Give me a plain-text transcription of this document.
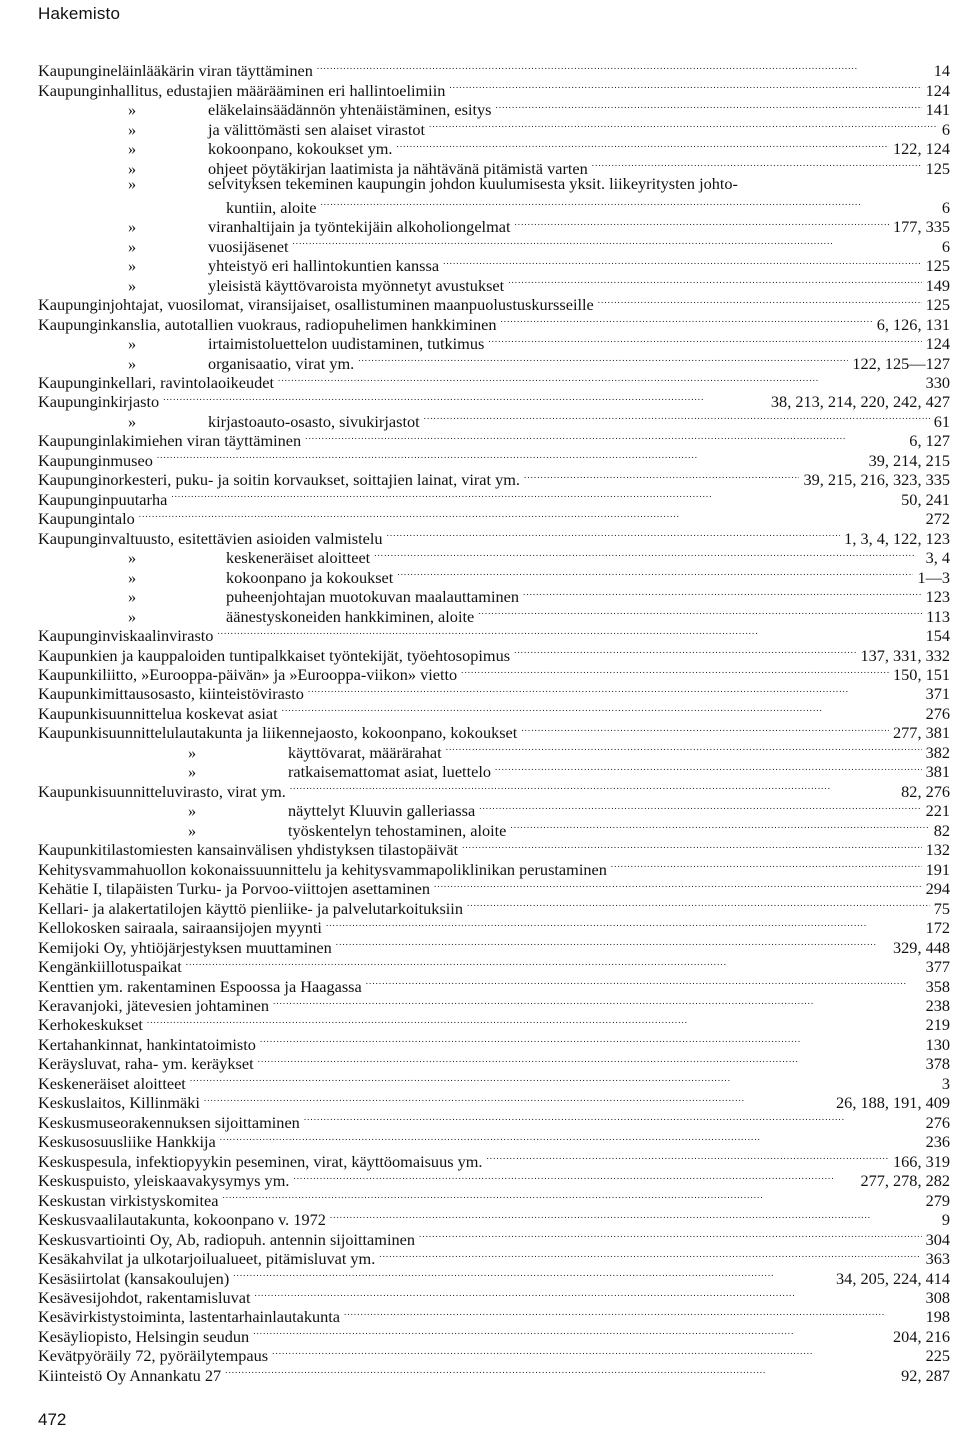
Hakemisto
Kaupungineläinlääkärin viran täyttäminen . . .	14
Kaupunginhallitus, edustajien määrääminen eri hallintoelimiin . . .	124
»	eläkelainsäädännön yhtenäistäminen, esitys . . .	141
»	ja välittömästi sen alaiset virastot . . .	6
»	kokoonpano, kokoukset ym. . . .	122, 124
»	ohjeet pöytäkirjan laatimista ja nähtävänä pitämistä varten . . .	125
»	selvityksen tekeminen kaupungin johdon kuulumisesta yksit. liikeyritysten johto-
kuntiin, aloite . . .	6
»	viranhaltijain ja työntekijäin alkoholiongelmat . . .	177, 335
»	vuosijäsenet . . .	6
»	yhteistyö eri hallintokuntien kanssa . . .	125
»	yleisistä käyttövaroista myönnetyt avustukset . . .	149
Kaupunginjohtajat, vuosilomat, viransijaiset, osallistuminen maanpuolustuskursseille . . .	125
Kaupunginkanslia, autotallien vuokraus, radiopuhelimen hankkiminen . . .	6, 126, 131
»	irtaimistoluettelon uudistaminen, tutkimus . . .	124
»	organisaatio, virat ym. . . .	122, 125—127
Kaupunginkellari, ravintolaoikeudet . . .	330
Kaupunginkirjasto . . .	38, 213, 214, 220, 242, 427
»	kirjastoauto-osasto, sivukirjastot . . .	61
Kaupunginlakimiehen viran täyttäminen . . .	6, 127
Kaupunginmuseo . . .	39, 214, 215
Kaupunginorkesteri, puku- ja soitin korvaukset, soittajien lainat, virat ym. . . .	39, 215, 216, 323, 335
Kaupunginpuutarha . . .	50, 241
Kaupungintalo . . .	272
Kaupunginvaltuusto, esitettävien asioiden valmistelu . . .	1, 3, 4, 122, 123
»	keskeneräiset aloitteet . . .	3, 4
»	kokoonpano ja kokoukset . . .	1—3
»	puheenjohtajan muotokuvan maalauttaminen . . .	123
»	äänestyskoneiden hankkiminen, aloite . . .	113
Kaupunginviskaalinvirasto . . .	154
Kaupunkien ja kauppaloiden tuntipalkkaiset työntekijät, työehtosopimus . . .	137, 331, 332
Kaupunkiliitto, »Eurooppa-päivän» ja »Eurooppa-viikon» vietto . . .	150, 151
Kaupunkimittausosasto, kiinteistövirasto . . .	371
Kaupunkisuunnittelua koskevat asiat . . .	276
Kaupunkisuunnittelulautakunta ja liikennejaosto, kokoonpano, kokoukset . . .	277, 381
»	käyttövarat, määrärahat . . .	382
»	ratkaisemattomat asiat, luettelo . . .	381
Kaupunkisuunnitteluvirasto, virat ym. . . .	82, 276
»	näyttelyt Kluuvin galleriassa . . .	221
»	työskentelyn tehostaminen, aloite . . .	82
Kaupunkitilastomiesten kansainvälisen yhdistyksen tilastopäivät . . .	132
Kehitysvammahuollon kokonaissuunnittelu ja kehitysvammapoliklinikan perustaminen . . .	191
Kehätie I, tilapäisten Turku- ja Porvoo-viittojen asettaminen . . .	294
Kellari- ja alakertatilojen käyttö pienliike- ja palvelutarkoituksiin . . .	75
Kellokosken sairaala, sairaansijojen myynti . . .	172
Kemijoki Oy, yhtiöjärjestyksen muuttaminen . . .	329, 448
Kengänkiillotuspaikat . . .	377
Kenttien ym. rakentaminen Espoossa ja Haagassa . . .	358
Keravanjoki, jätevesien johtaminen . . .	238
Kerhokeskukset . . .	219
Kertahankinnat, hankintatoimisto . . .	130
Keräysluvat, raha- ym. keräykset . . .	378
Keskeneräiset aloitteet . . .	3
Keskuslaitos, Killinmäki . . .	26, 188, 191, 409
Keskusmuseorakennuksen sijoittaminen . . .	276
Keskusosuusliike Hankkija . . .	236
Keskuspesula, infektiopyykin peseminen, virat, käyttöomaisuus ym. . . .	166, 319
Keskuspuisto, yleiskaavakysymys ym. . . .	277, 278, 282
Keskustan virkistyskomitea . . .	279
Keskusvaalilautakunta, kokoonpano v. 1972 . . .	9
Keskusvartiointi Oy, Ab, radiopuh. antennin sijoittaminen . . .	304
Kesäkahvilat ja ulkotarjoilualueet, pitämisluvat ym. . . .	363
Kesäsiirtolat (kansakoulujen) . . .	34, 205, 224, 414
Kesävesijohdot, rakentamisluvat . . .	308
Kesävirkistystoiminta, lastentarhainlautakunta . . .	198
Kesäyliopisto, Helsingin seudun . . .	204, 216
Kevätpyöräily 72, pyöräilytempaus . . .	225
Kiinteistö Oy Annankatu 27 . . .	92, 287
472
